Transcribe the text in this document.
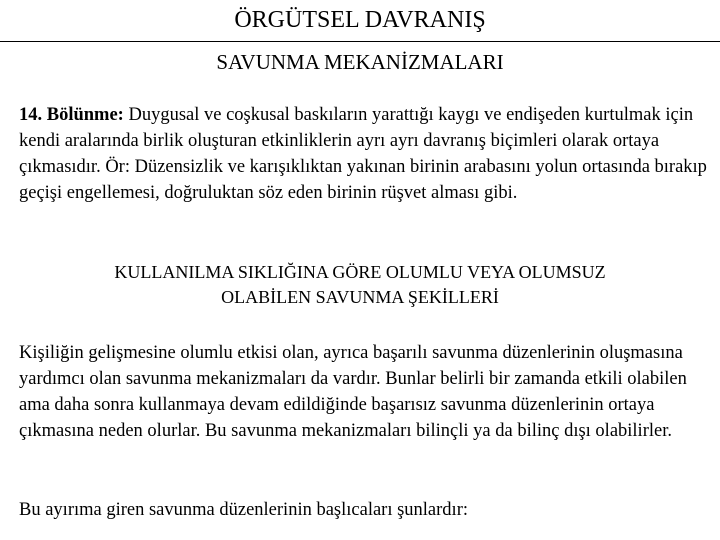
ÖRGÜTSEL DAVRANIŞ
SAVUNMA MEKANİZMALARI

14. Bölünme: Duygusal ve coşkusal baskıların yarattığı kaygı ve endişeden kurtulmak için kendi aralarında birlik oluşturan etkinliklerin ayrı ayrı davranış biçimleri olarak ortaya çıkmasıdır. Ör: Düzensizlik ve karışıklıktan yakınan birinin arabasını yolun ortasında bırakıp geçişi engellemesi, doğruluktan söz eden birinin rüşvet alması gibi.

KULLANILMA SIKLIĞINA GÖRE OLUMLU VEYA OLUMSUZ
OLABİLEN SAVUNMA ŞEKİLLERİ

Kişiliğin gelişmesine olumlu etkisi olan, ayrıca başarılı savunma düzenlerinin oluşmasına yardımcı olan savunma mekanizmaları da vardır. Bunlar belirli bir zamanda etkili olabilen ama daha sonra kullanmaya devam edildiğinde başarısız savunma düzenlerinin ortaya çıkmasına neden olurlar. Bu savunma mekanizmaları bilinçli ya da bilinç dışı olabilirler.

Bu ayırıma giren savunma düzenlerinin başlıcaları şunlardır:
